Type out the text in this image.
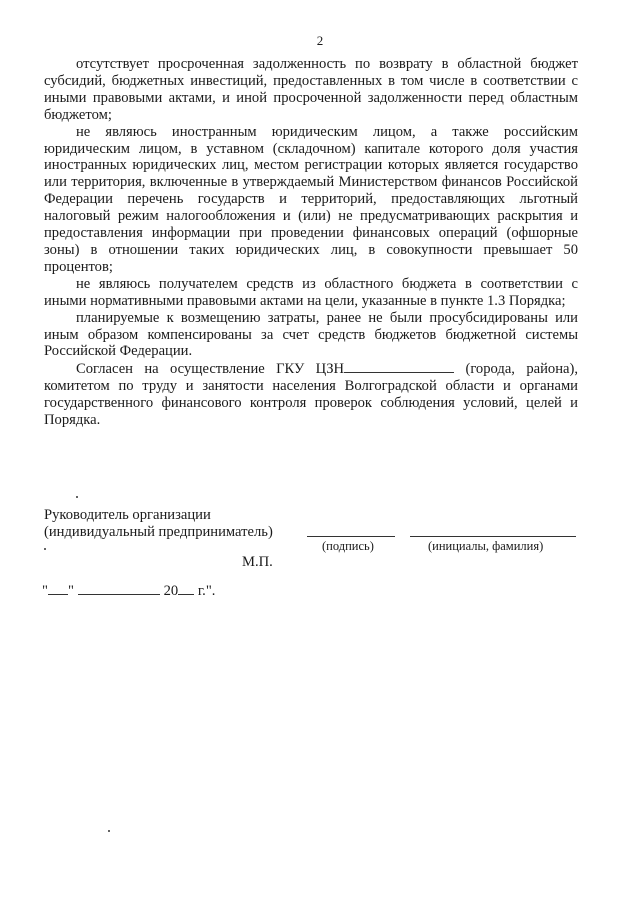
2

отсутствует просроченная задолженность по возврату в областной бюджет субсидий, бюджетных инвестиций, предоставленных в том числе в соответствии с иными правовыми актами, и иной просроченной задолженности перед областным бюджетом;

не являюсь иностранным юридическим лицом, а также российским юридическим лицом, в уставном (складочном) капитале которого доля участия иностранных юридических лиц, местом регистрации которых является государство или территория, включенные в утверждаемый Министерством финансов Российской Федерации перечень государств и территорий, предоставляющих льготный налоговый режим налогообложения и (или) не предусматривающих раскрытия и предоставления информации при проведении финансовых операций (офшорные зоны) в отношении таких юридических лиц, в совокупности превышает 50 процентов;

не являюсь получателем средств из областного бюджета в соответствии с иными нормативными правовыми актами на цели, указанные в пункте 1.3 Порядка;

планируемые к возмещению затраты, ранее не были просубсидированы или иным образом компенсированы за счет средств бюджетов бюджетной системы Российской Федерации.

Согласен на осуществление ГКУ ЦЗН	(города, района), комитетом по труду и занятости населения Волгоградской области и органами государственного финансового контроля проверок соблюдения условий, целей и Порядка.

Руководитель организации
(индивидуальный предприниматель)
(подпись)	(инициалы, фамилия)
М.П.
" "	20 г.".
